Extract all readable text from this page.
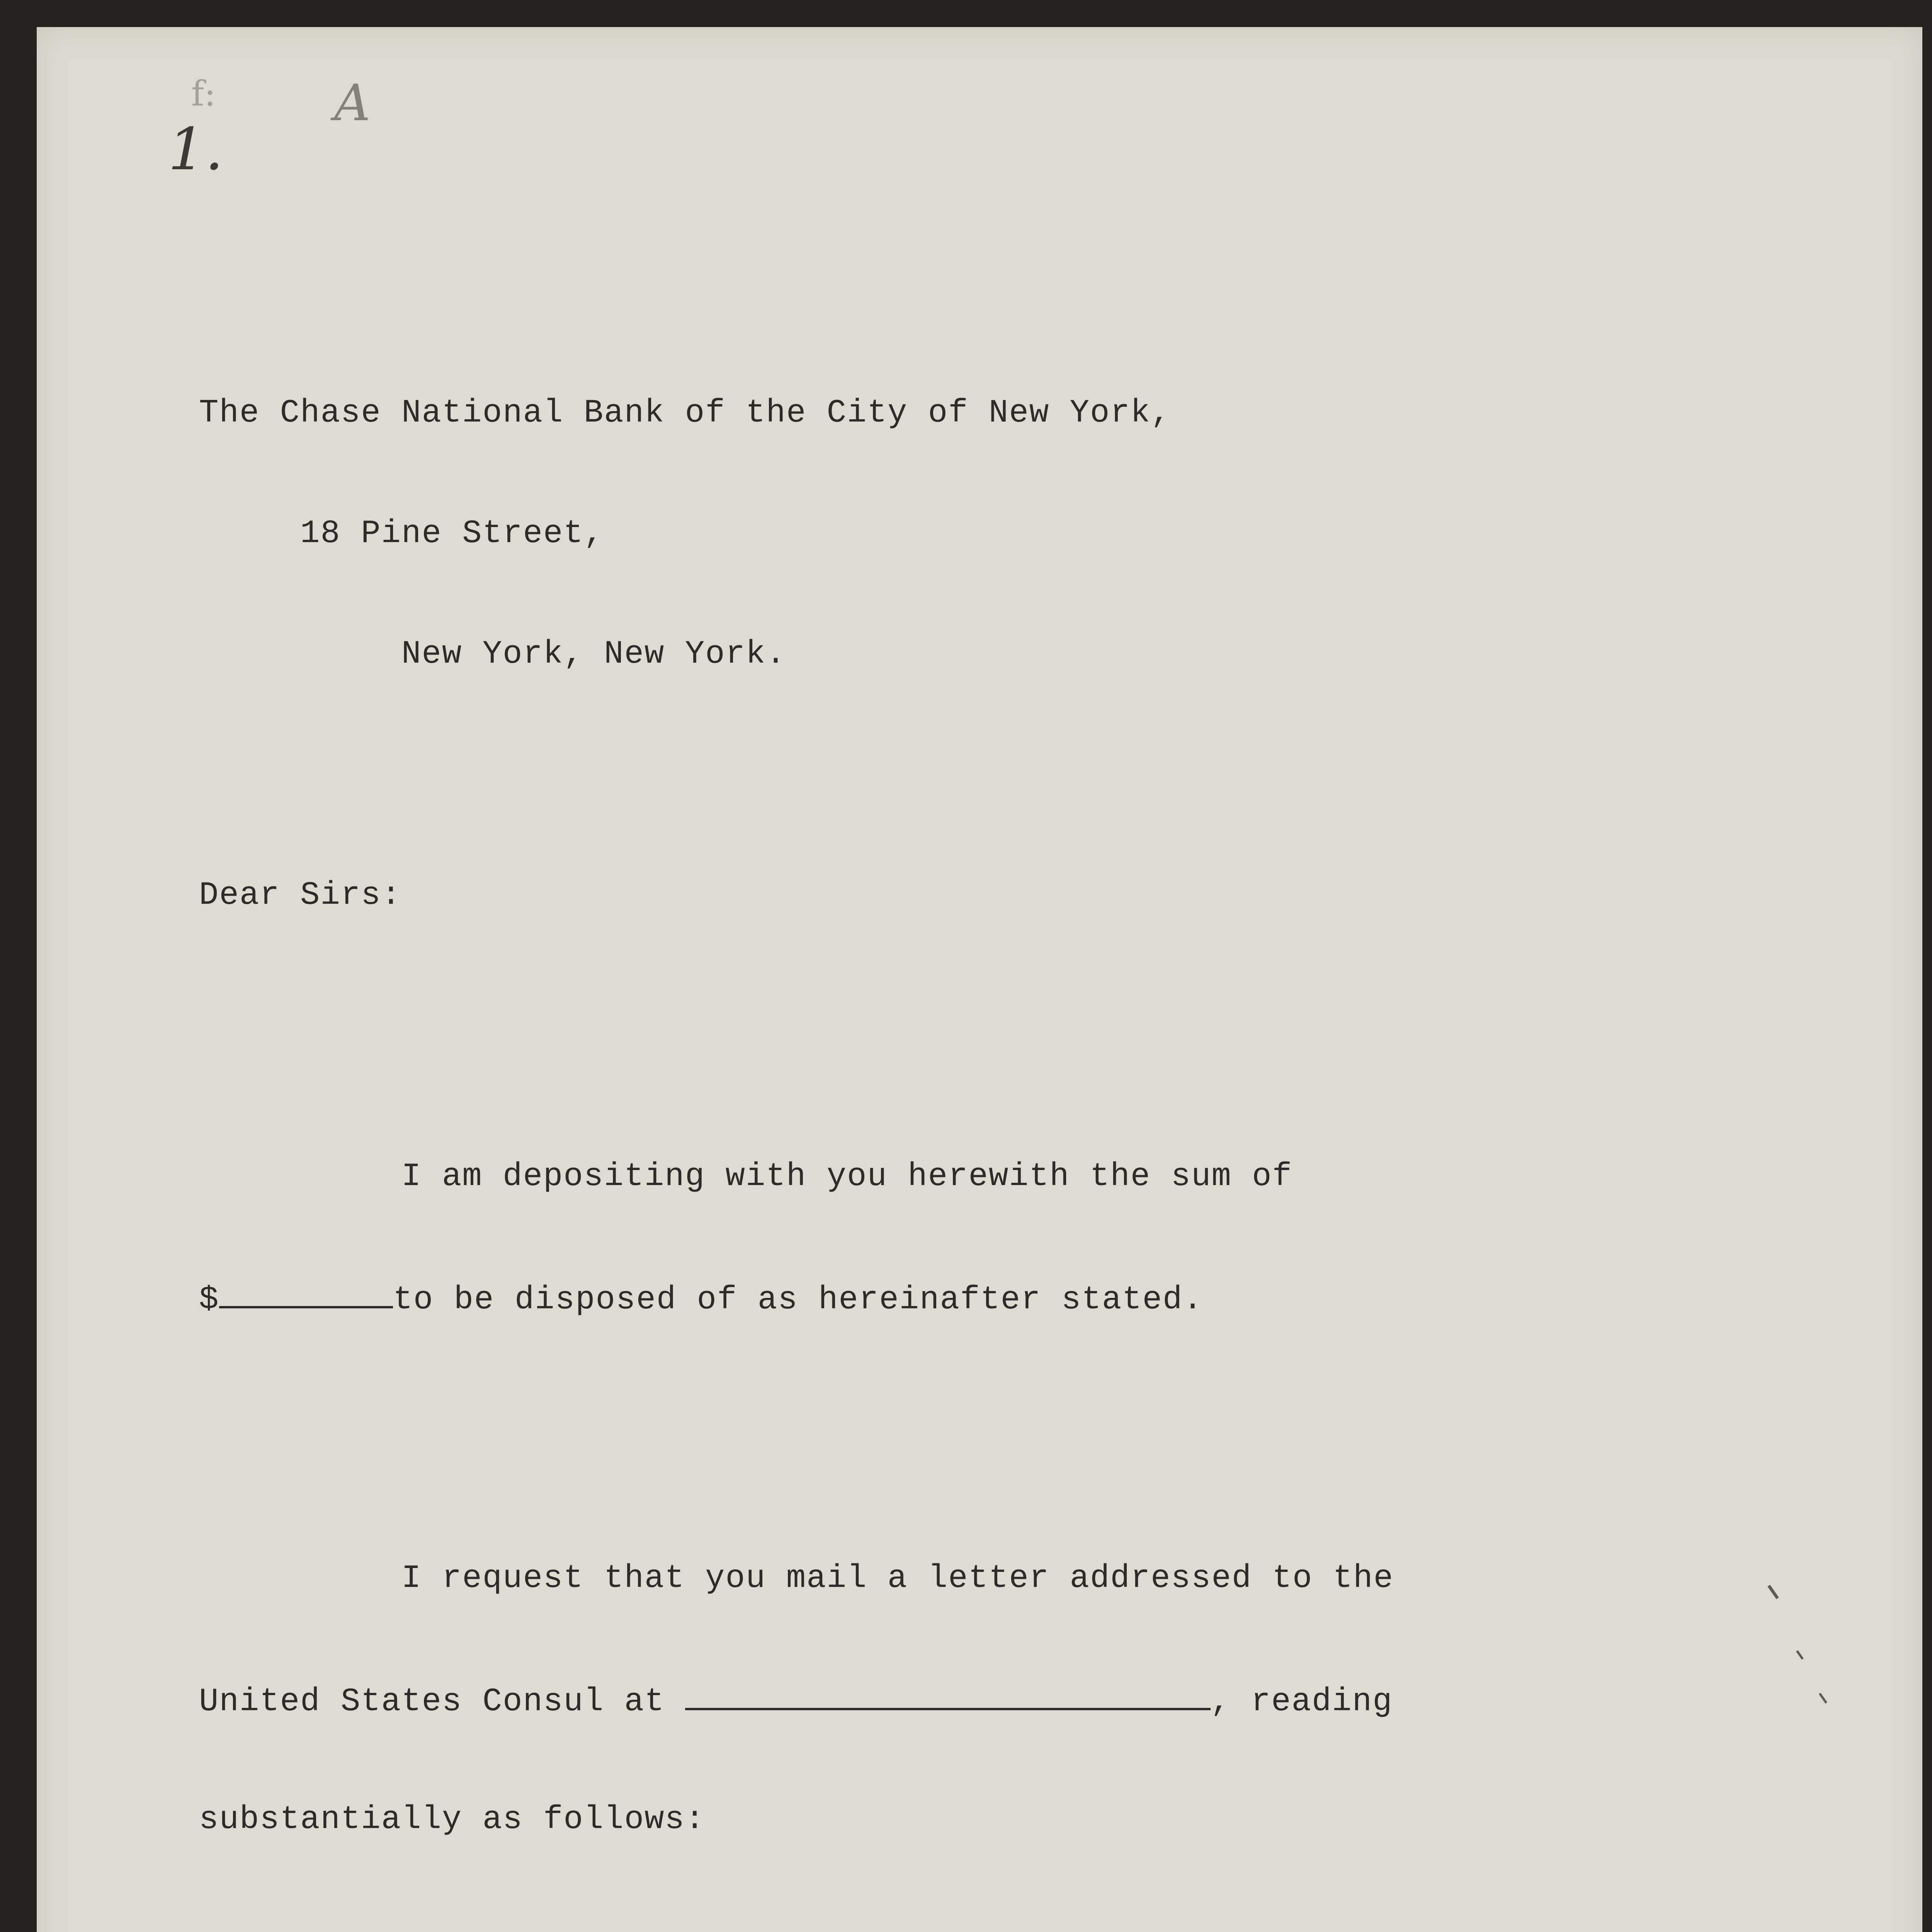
1.
A
f:

The Chase National Bank of the City of New York,

18 Pine Street,

New York, New York.

Dear Sirs:

I am depositing with you herewith the sum of

$	to be disposed of as hereinafter stated.

I request that you mail a letter addressed to the

United States Consul at	, reading

substantially as follows:
